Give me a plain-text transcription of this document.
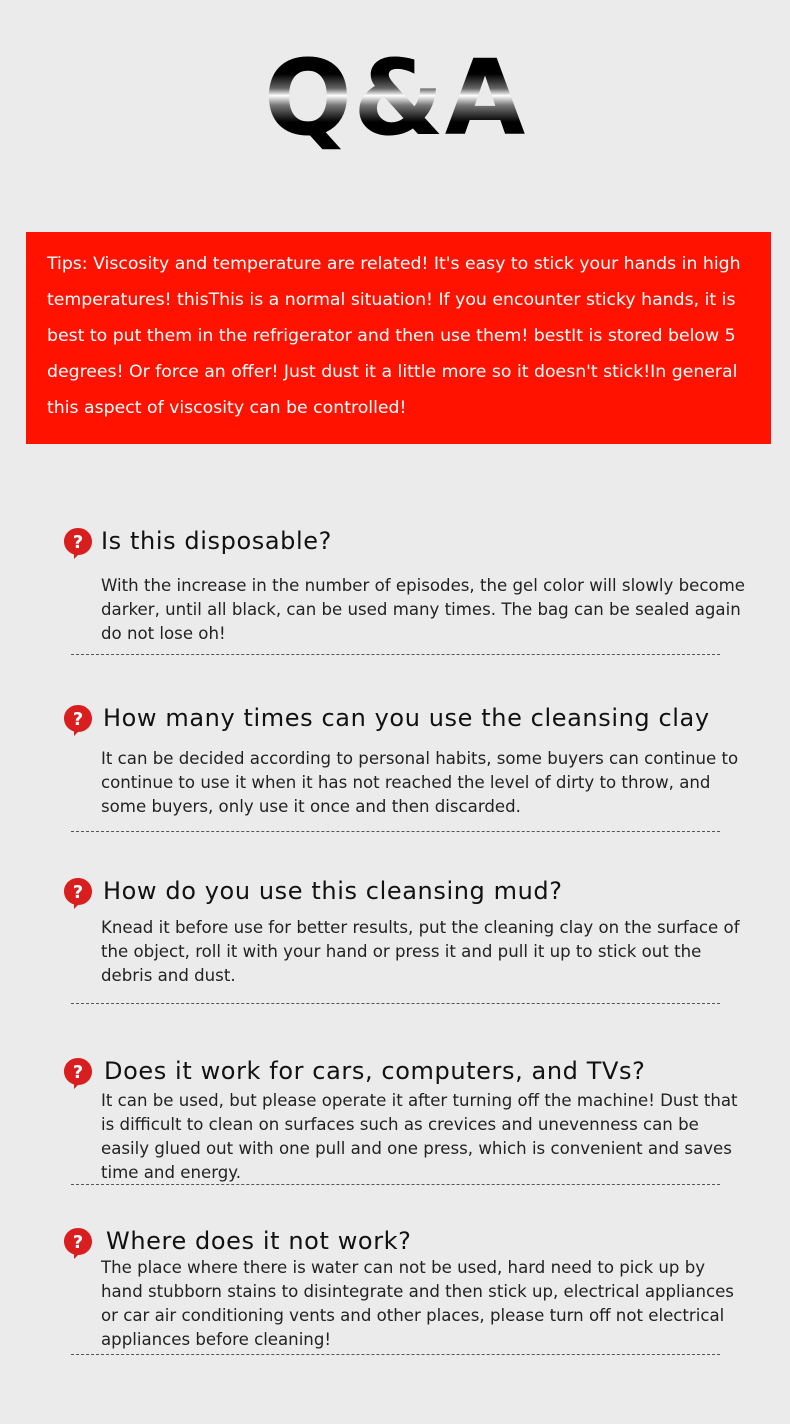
Q&A

Tips: Viscosity and temperature are related! It's easy to stick your hands in high temperatures! thisThis is a normal situation! If you encounter sticky hands, it is best to put them in the refrigerator and then use them! bestIt is stored below 5 degrees! Or force an offer! Just dust it a little more so it doesn't stick!In general this aspect of viscosity can be controlled!

? Is this disposable?

With the increase in the number of episodes, the gel color will slowly become darker, until all black, can be used many times. The bag can be sealed again do not lose oh!

? How many times can you use the cleansing clay

It can be decided according to personal habits, some buyers can continue to continue to use it when it has not reached the level of dirty to throw, and some buyers, only use it once and then discarded.

? How do you use this cleansing mud?

Knead it before use for better results, put the cleaning clay on the surface of the object, roll it with your hand or press it and pull it up to stick out the debris and dust.

? Does it work for cars, computers, and TVs?

It can be used, but please operate it after turning off the machine! Dust that is difficult to clean on surfaces such as crevices and unevenness can be easily glued out with one pull and one press, which is convenient and saves time and energy.

? Where does it not work?

The place where there is water can not be used, hard need to pick up by hand stubborn stains to disintegrate and then stick up, electrical appliances or car air conditioning vents and other places, please turn off not electrical appliances before cleaning!
